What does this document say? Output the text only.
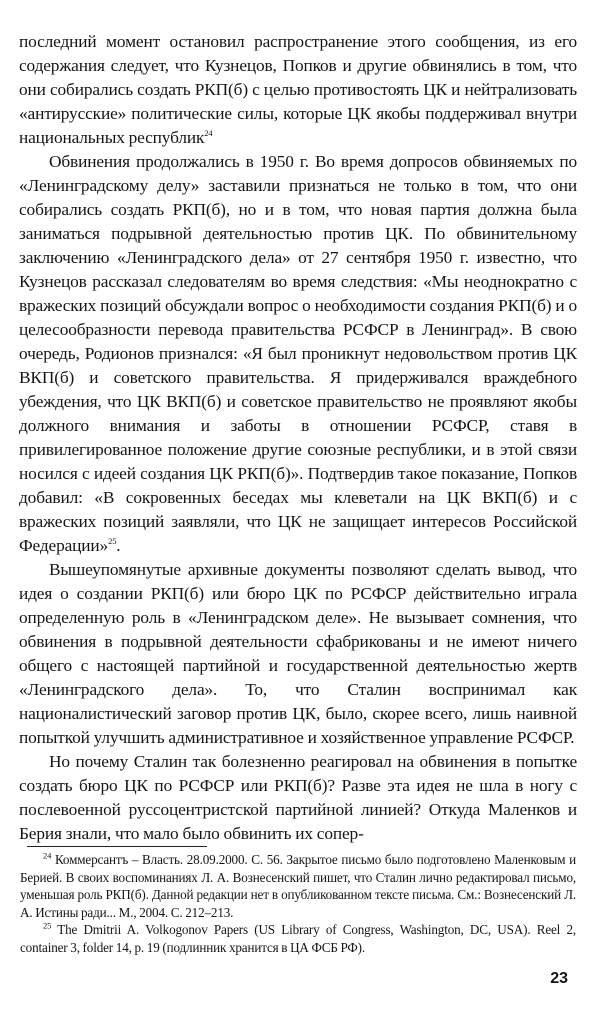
последний момент остановил распространение этого сообщения, из его содержания следует, что Кузнецов, Попков и другие обвинялись в том, что они собирались создать РКП(б) с целью противостоять ЦК и нейтрализовать «антирусские» политические силы, которые ЦК якобы поддерживал внутри национальных республик$^{24}$

Обвинения продолжались в 1950 г. Во время допросов обвиняемых по «Ленинградскому делу» заставили признаться не только в том, что они собирались создать РКП(б), но и в том, что новая партия должна была заниматься подрывной деятельностью против ЦК. По обвинительному заключению «Ленинградского дела» от 27 сентября 1950 г. известно, что Кузнецов рассказал следователям во время следствия: «Мы неоднократно с вражеских позиций обсуждали вопрос о необходимости создания РКП(б) и о целесообразности перевода правительства РСФСР в Ленинград». В свою очередь, Родионов признался: «Я был проникнут недовольством против ЦК ВКП(б) и советского правительства. Я придерживался враждебного убеждения, что ЦК ВКП(б) и советское правительство не проявляют якобы должного внимания и заботы в отношении РСФСР, ставя в привилегированное положение другие союзные республики, и в этой связи носился с идеей создания ЦК РКП(б)». Подтвердив такое показание, Попков добавил: «В сокровенных беседах мы клеветали на ЦК ВКП(б) и с вражеских позиций заявляли, что ЦК не защищает интересов Российской Федерации»$^{25}$.

Вышеупомянутые архивные документы позволяют сделать вывод, что идея о создании РКП(б) или бюро ЦК по РСФСР действительно играла определенную роль в «Ленинградском деле». Не вызывает сомнения, что обвинения в подрывной деятельности сфабрикованы и не имеют ничего общего с настоящей партийной и государственной деятельностью жертв «Ленинградского дела». То, что Сталин воспринимал как националистический заговор против ЦК, было, скорее всего, лишь наивной попыткой улучшить административное и хозяйственное управление РСФСР.

Но почему Сталин так болезненно реагировал на обвинения в попытке создать бюро ЦК по РСФСР или РКП(б)? Разве эта идея не шла в ногу с послевоенной руссоцентристской партийной линией? Откуда Маленков и Берия знали, что мало было обвинить их сопер-

$^{24}$ Коммерсантъ – Власть. 28.09.2000. С. 56. Закрытое письмо было подготовлено Маленковым и Берией. В своих воспоминаниях Л. А. Вознесенский пишет, что Сталин лично редактировал письмо, уменьшая роль РКП(б). Данной редакции нет в опубликованном тексте письма. См.: Вознесенский Л. А. Истины ради... М., 2004. С. 212–213.

$^{25}$ The Dmitrii A. Volkogonov Papers (US Library of Congress, Washington, DC, USA). Reel 2, container 3, folder 14, p. 19 (подлинник хранится в ЦА ФСБ РФ).

23
